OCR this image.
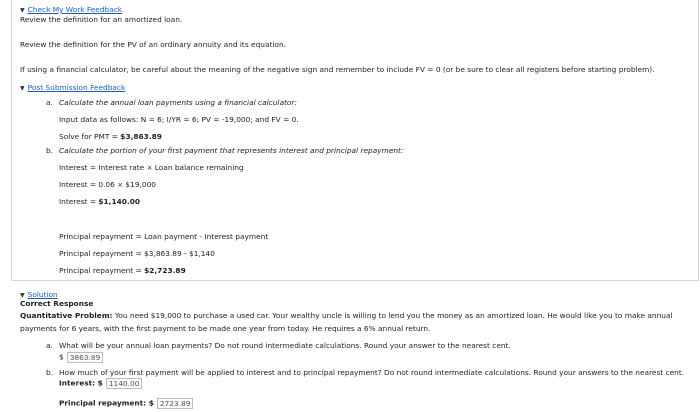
▼ Check My Work Feedback
Review the definition for an amortized loan.
Review the definition for the PV of an ordinary annuity and its equation.
If using a financial calculator, be careful about the meaning of the negative sign and remember to include FV = 0 (or be sure to clear all registers before starting problem).
▼ Post Submission Feedback
a. Calculate the annual loan payments using a financial calculator:
Input data as follows: N = 6; I/YR = 6; PV = -19,000; and FV = 0.
Solve for PMT = $3,863.89
b. Calculate the portion of your first payment that represents interest and principal repayment:
Interest = Interest rate × Loan balance remaining
Interest = 0.06 × $19,000
Interest = $1,140.00
Principal repayment = Loan payment - Interest payment
Principal repayment = $3,863.89 - $1,140
Principal repayment = $2,723.89
▼ Solution
Correct Response
Quantitative Problem: You need $19,000 to purchase a used car. Your wealthy uncle is willing to lend you the money as an amortized loan. He would like you to make annual payments for 6 years, with the first payment to be made one year from today. He requires a 6% annual return.
a. What will be your annual loan payments? Do not round intermediate calculations. Round your answer to the nearest cent.
$ 3863.89
b. How much of your first payment will be applied to interest and to principal repayment? Do not round intermediate calculations. Round your answers to the nearest cent.
Interest: $ 1140.00
Principal repayment: $ 2723.89
